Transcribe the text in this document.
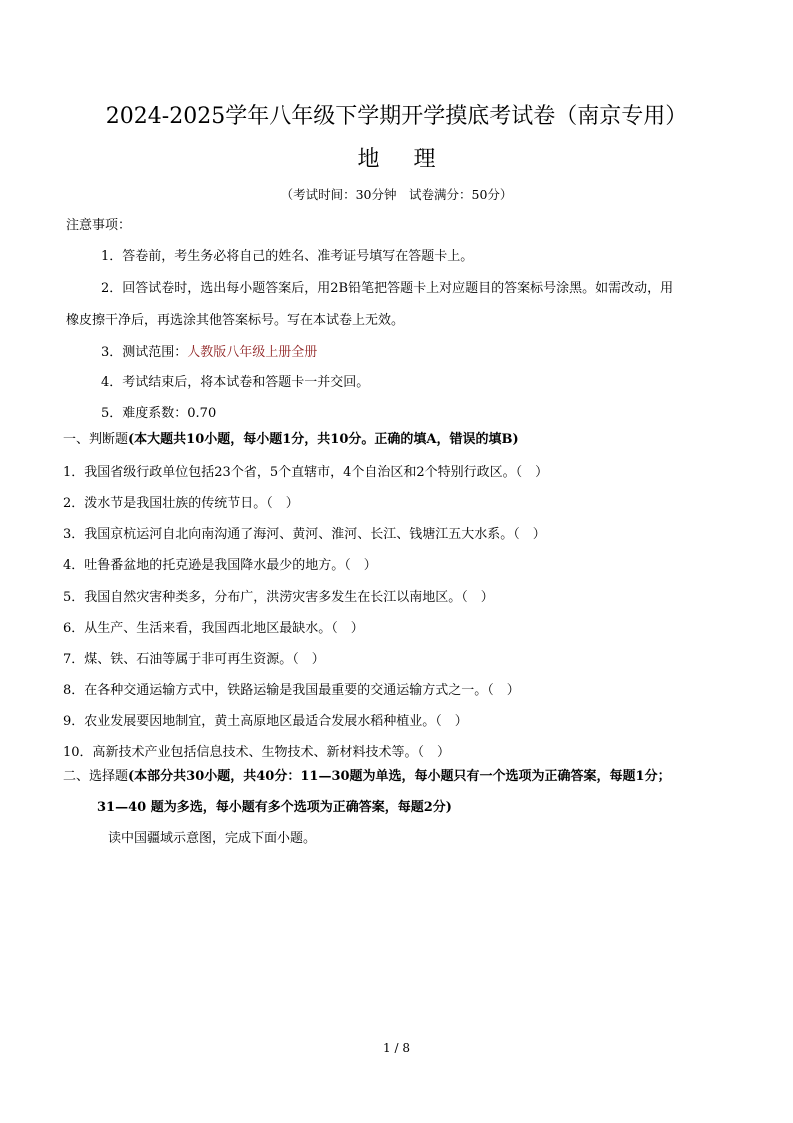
2024-2025学年八年级下学期开学摸底考试卷（南京专用）
地理
（考试时间：30分钟　试卷满分：50分）
注意事项：
1．答卷前，考生务必将自己的姓名、准考证号填写在答题卡上。
2．回答试卷时，选出每小题答案后，用2B铅笔把答题卡上对应题目的答案标号涂黑。如需改动，用
橡皮擦干净后，再选涂其他答案标号。写在本试卷上无效。
3．测试范围：人教版八年级上册全册
4．考试结束后，将本试卷和答题卡一并交回。
5．难度系数：0.70
一、判断题(本大题共10小题，每小题1分，共10分。正确的填A，错误的填B)
1．我国省级行政单位包括23个省，5个直辖市，4个自治区和2个特别行政区。（　）
2．泼水节是我国壮族的传统节日。（　）
3．我国京杭运河自北向南沟通了海河、黄河、淮河、长江、钱塘江五大水系。（　）
4．吐鲁番盆地的托克逊是我国降水最少的地方。（　）
5．我国自然灾害种类多，分布广，洪涝灾害多发生在长江以南地区。（　）
6．从生产、生活来看，我国西北地区最缺水。（　）
7．煤、铁、石油等属于非可再生资源。（　）
8．在各种交通运输方式中，铁路运输是我国最重要的交通运输方式之一。（　）
9．农业发展要因地制宜，黄土高原地区最适合发展水稻种植业。（　）
10．高新技术产业包括信息技术、生物技术、新材料技术等。（　）
二、选择题(本部分共30小题，共40分：11—30题为单选，每小题只有一个选项为正确答案，每题1分；
31—40 题为多选，每小题有多个选项为正确答案，每题2分)
读中国疆域示意图，完成下面小题。
1 / 8
